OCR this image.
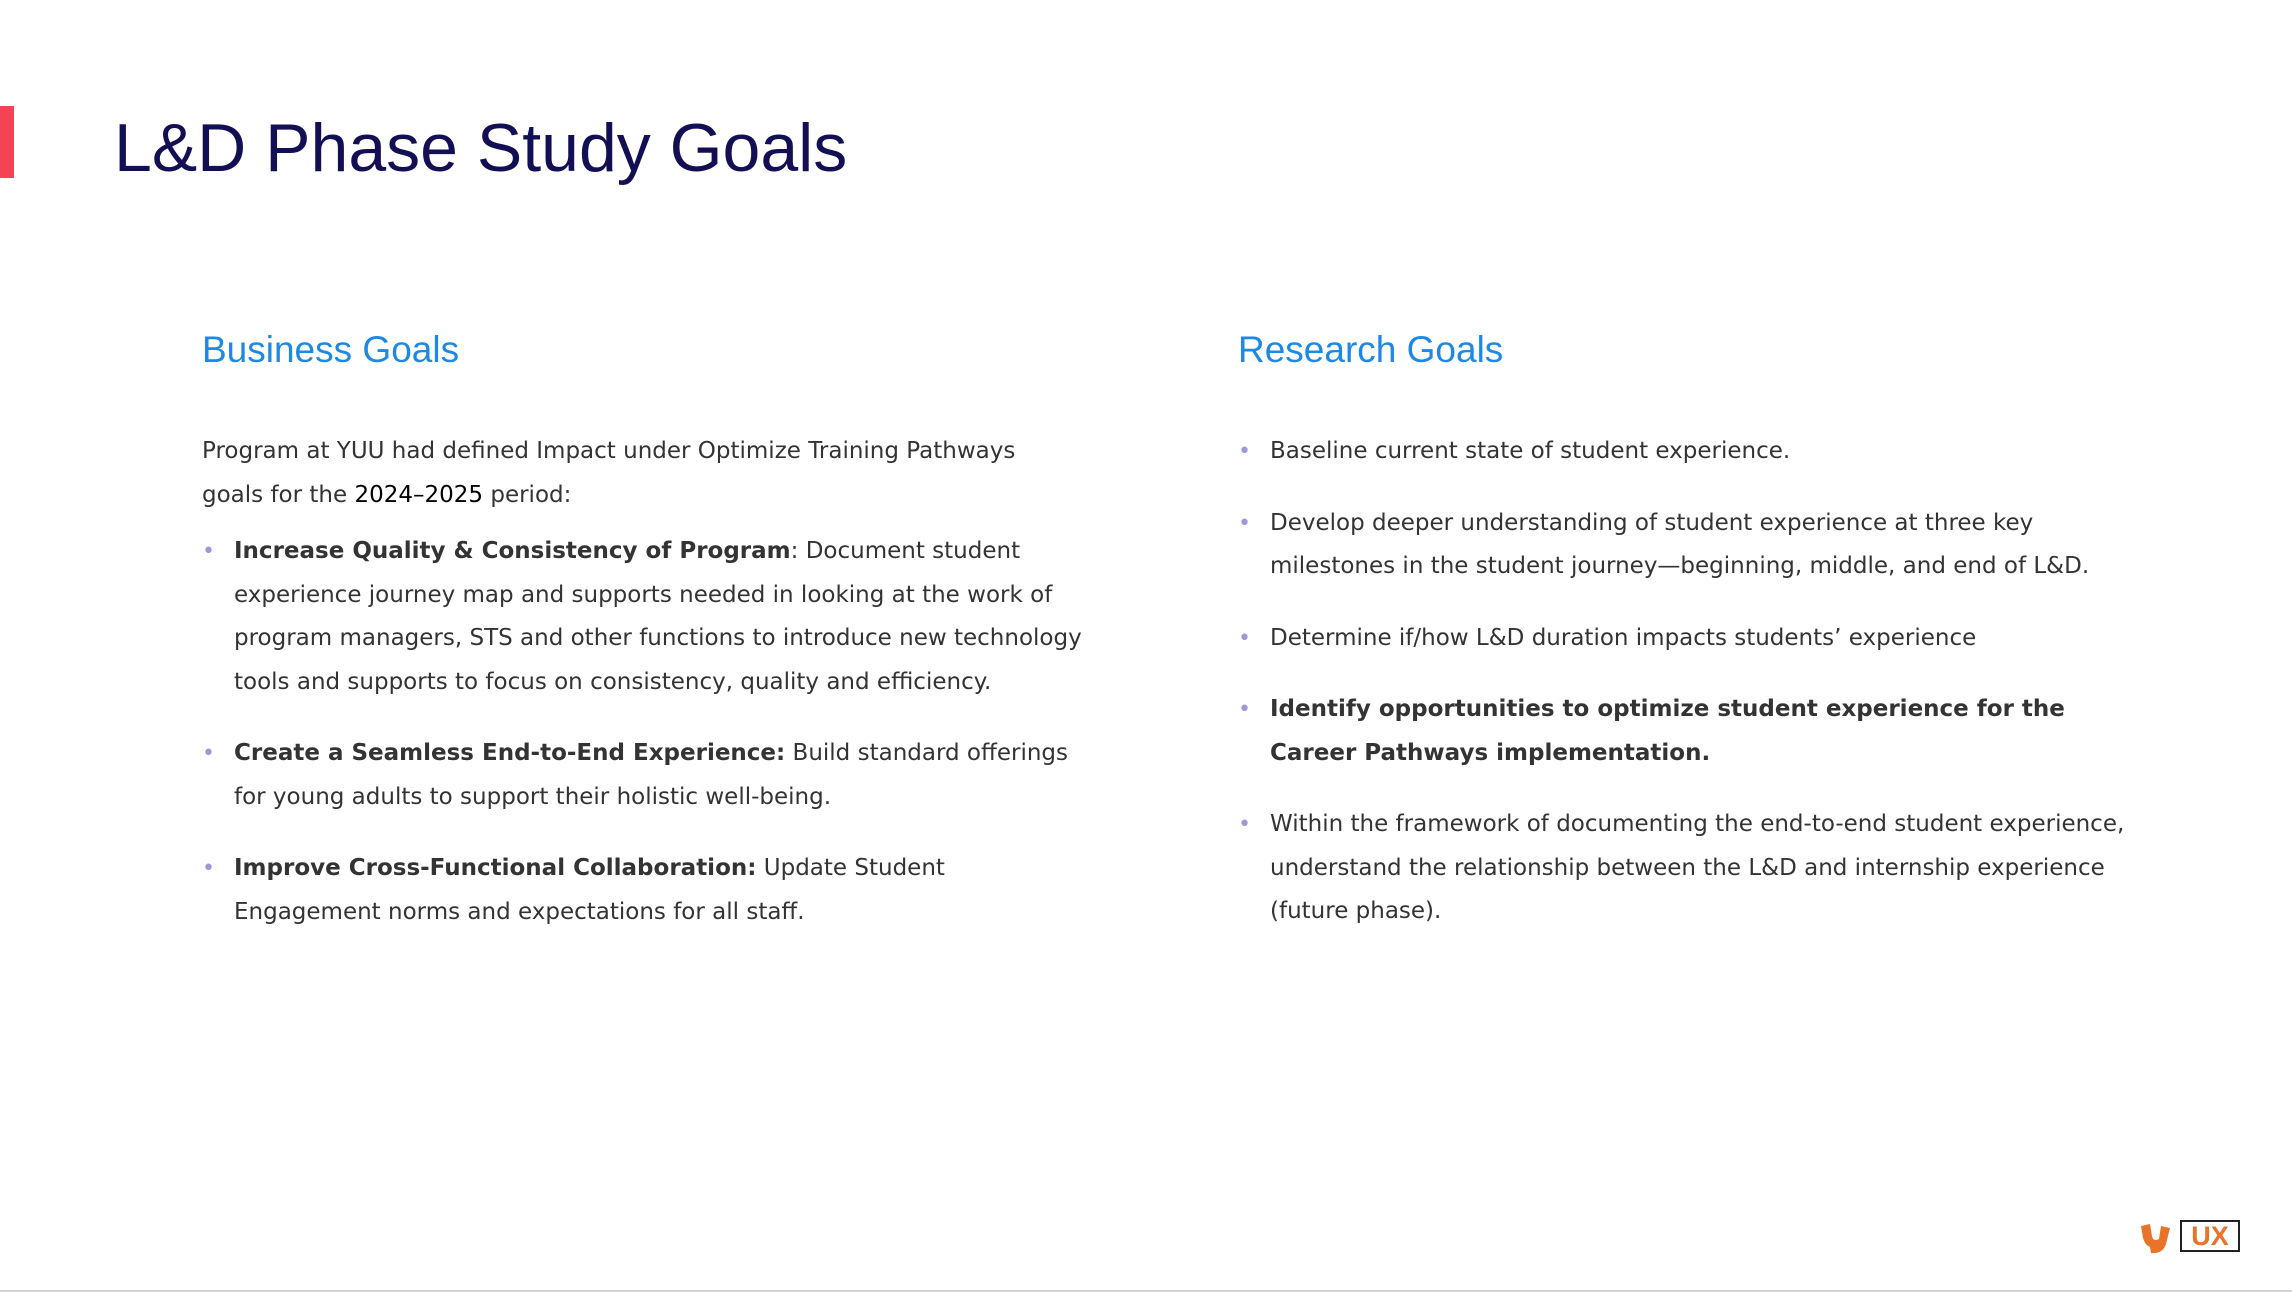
L&D Phase Study Goals
Business Goals

Program at YUU had defined Impact under Optimize Training Pathways goals for the 2024–2025 period:

• Increase Quality & Consistency of Program: Document student experience journey map and supports needed in looking at the work of program managers, STS and other functions to introduce new technology tools and supports to focus on consistency, quality and efficiency.
• Create a Seamless End-to-End Experience: Build standard offerings for young adults to support their holistic well-being.
• Improve Cross-Functional Collaboration: Update Student Engagement norms and expectations for all staff.
Research Goals
• Baseline current state of student experience.
• Develop deeper understanding of student experience at three key milestones in the student journey—beginning, middle, and end of L&D.
• Determine if/how L&D duration impacts students’ experience
• Identify opportunities to optimize student experience for the Career Pathways implementation.
• Within the framework of documenting the end-to-end student experience, understand the relationship between the L&D and internship experience (future phase).
UX
